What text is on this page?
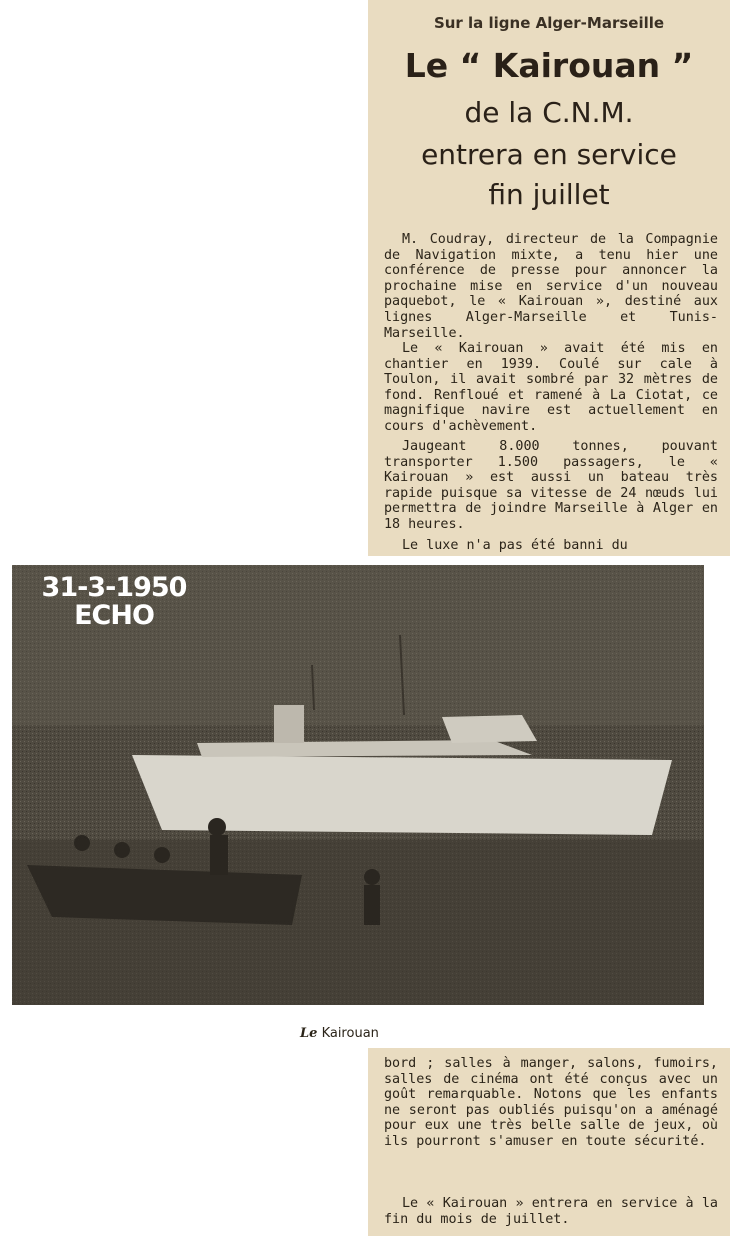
Sur la ligne Alger-Marseille
Le “ Kairouan ”
de la C.N.M.
entrera en service
fin juillet
M. Coudray, directeur de la Compagnie de Navigation mixte, a tenu hier une conférence de presse pour annoncer la prochaine mise en service d'un nouveau paquebot, le « Kairouan », destiné aux lignes Alger-Marseille et Tunis-Marseille.
Le « Kairouan » avait été mis en chantier en 1939. Coulé sur cale à Toulon, il avait sombré par 32 mètres de fond. Renfloué et ramené à La Ciotat, ce magnifique navire est actuellement en cours d'achèvement.
Jaugeant 8.000 tonnes, pouvant transporter 1.500 passagers, le « Kairouan » est aussi un bateau très rapide puisque sa vitesse de 24 nœuds lui permettra de joindre Marseille à Alger en 18 heures.
Le luxe n'a pas été banni du
31-3-1950
ECHO
Le Kairouan
bord ; salles à manger, salons, fumoirs, salles de cinéma ont été conçus avec un goût remarquable. Notons que les enfants ne seront pas oubliés puisqu'on a aménagé pour eux une très belle salle de jeux, où ils pourront s'amuser en toute sécurité.
Le « Kairouan » entrera en service à la fin du mois de juillet.
